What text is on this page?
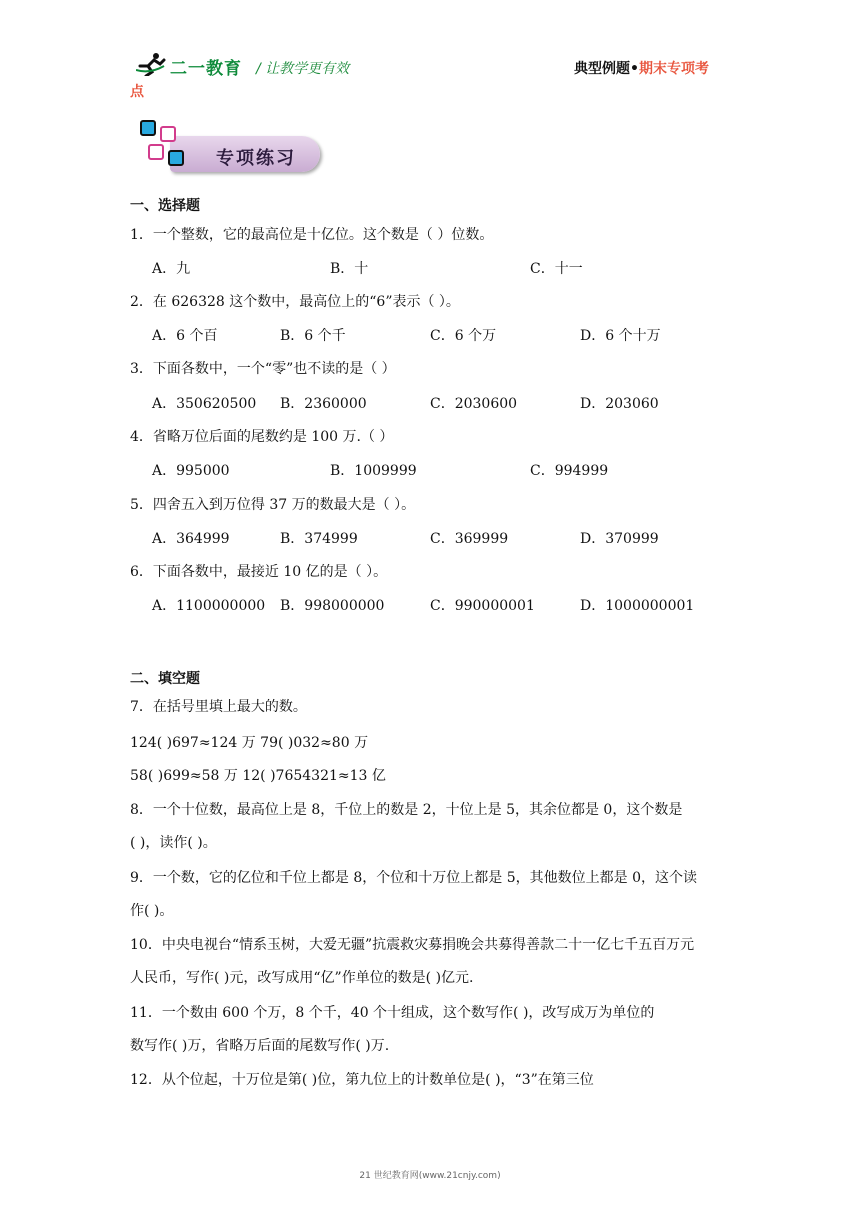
二一教育 / 让教学更有效	典型例题•期末专项考
点
专项练习
一、选择题
1．一个整数，它的最高位是十亿位。这个数是（ ）位数。
A．九	B．十	C．十一
2．在 626328 这个数中，最高位上的“6”表示（ ）。
A．6 个百	B．6 个千	C．6 个万	D．6 个十万
3．下面各数中，一个“零”也不读的是（ ）
A．350620500 B．2360000	C．2030600	D．203060
4．省略万位后面的尾数约是 100 万.（ ）
A．995000	B．1009999	C．994999
5．四舍五入到万位得 37 万的数最大是（ ）。
A．364999	B．374999	C．369999	D．370999
6．下面各数中，最接近 10 亿的是（ ）。
A．1100000000 B．998000000	C．990000001	D．1000000001
二、填空题
7．在括号里填上最大的数。
124( )697≈124 万 79( )032≈80 万
58( )699≈58 万 12( )7654321≈13 亿
8．一个十位数，最高位上是 8，千位上的数是 2，十位上是 5，其余位都是 0，这个数是
( )，读作( )。
9．一个数，它的亿位和千位上都是 8，个位和十万位上都是 5，其他数位上都是 0，这个读
作( )。
10．中央电视台“情系玉树，大爱无疆”抗震救灾募捐晚会共募得善款二十一亿七千五百万元
人民币，写作( )元，改写成用“亿”作单位的数是( )亿元.
11．一个数由 600 个万，8 个千，40 个十组成，这个数写作( )，改写成万为单位的
数写作( )万，省略万后面的尾数写作( )万.
12．从个位起，十万位是第( )位，第九位上的计数单位是( )，“3”在第三位
21 世纪教育网(www.21cnjy.com)
